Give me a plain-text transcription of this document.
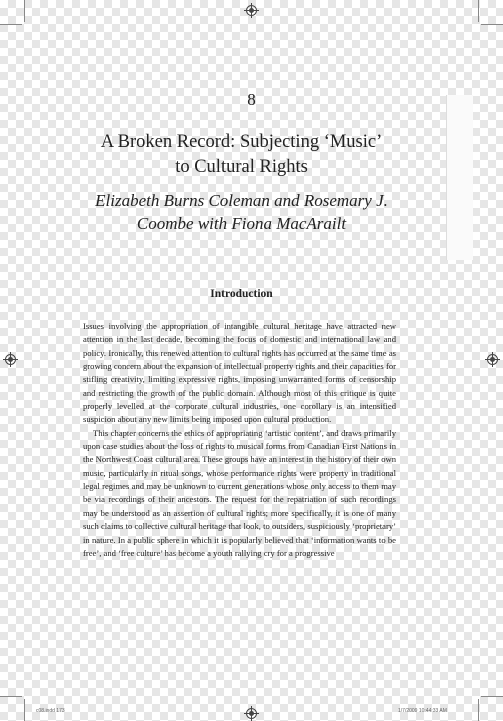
8
A Broken Record: Subjecting ‘Music’
to Cultural Rights
Elizabeth Burns Coleman and Rosemary J.
Coombe with Fiona MacArailt
Introduction

Issues involving the appropriation of intangible cultural heritage have attracted new attention in the last decade, becoming the focus of domestic and international law and policy. Ironically, this renewed attention to cultural rights has occurred at the same time as growing concern about the expansion of intellectual property rights and their capacities for stifling creativity, limiting expressive rights, imposing unwarranted forms of censorship and restricting the growth of the public domain. Although most of this critique is quite properly levelled at the corporate cultural industries, one corollary is an intensified suspicion about any new limits being imposed upon cultural production.

This chapter concerns the ethics of appropriating ‘artistic content’, and draws primarily upon case studies about the loss of rights to musical forms from Canadian First Nations in the Northwest Coast cultural area. These groups have an interest in the history of their own music, particularly in ritual songs, whose performance rights were property in traditional legal regimes and may be unknown to current generations whose only access to them may be via recordings of their ancestors. The request for the repatriation of such recordings may be understood as an assertion of cultural rights; more specifically, it is one of many such claims to collective cultural heritage that look, to outsiders, suspiciously ‘proprietary’ in nature. In a public sphere in which it is popularly believed that ‘information wants to be free’, and ‘free culture’ has become a youth rallying cry for a progressive

c08.indd 173	1/7/2009 10:44:33 AM
